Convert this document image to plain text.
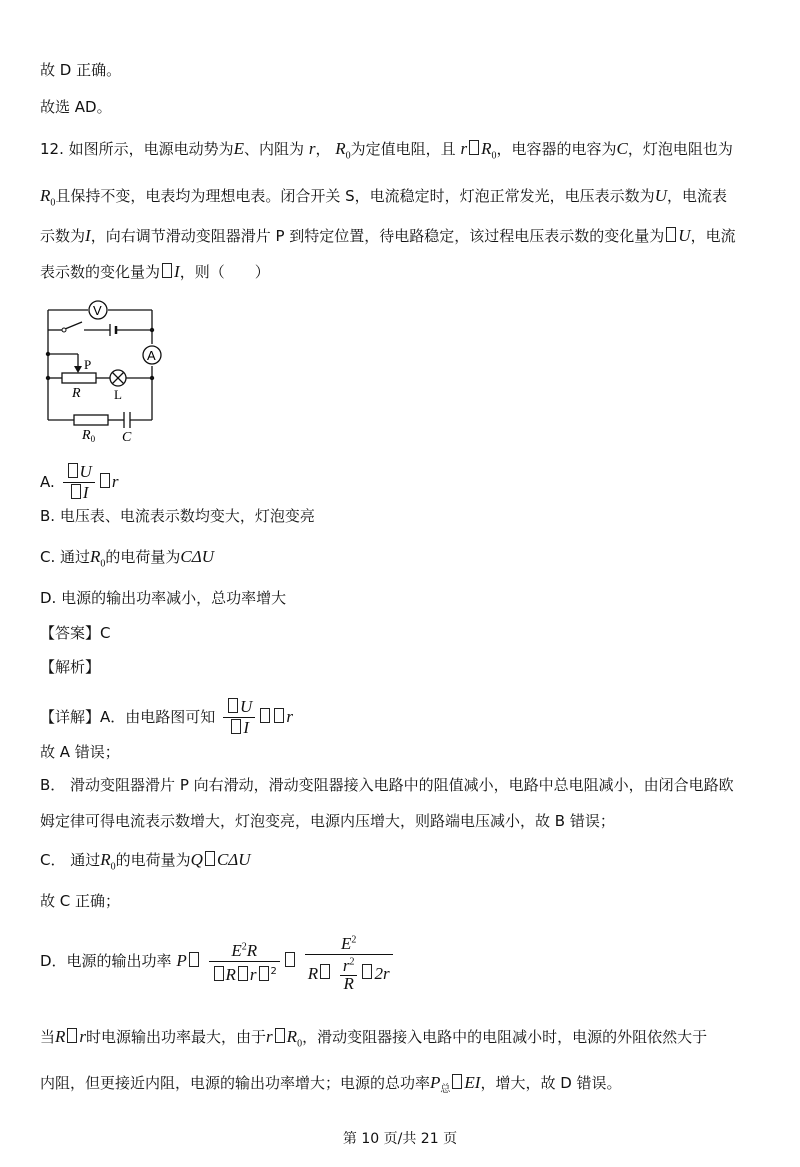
故 D 正确。
故选 AD。
12. 如图所示，电源电动势为E、内阻为 r， $R_0$为定值电阻，且 r $R_0$，电容器的电容为C，灯泡电阻也为
$R_0$且保持不变，电表均为理想电表。闭合开关 S，电流稳定时，灯泡正常发光，电压表示数为U，电流表
示数为I，向右调节滑动变阻器滑片 P 到特定位置，待电路稳定，该过程电压表示数的变化量为 U，电流
表示数的变化量为 I，则（　　）
V
A
P
R	L
$R_0$ C
A. $\frac{U}{I}$ r
B. 电压表、电流表示数均变大，灯泡变亮
C. 通过$R_0$的电荷量为CΔU
D. 电源的输出功率减小，总功率增大
【答案】C
【解析】
【详解】A．由电路图可知 $\frac{U}{I}$ r
故 A 错误；
B． 滑动变阻器滑片 P 向右滑动，滑动变阻器接入电路中的阻值减小，电路中总电阻减小，由闭合电路欧
姆定律可得电流表示数增大，灯泡变亮，电源内压增大，则路端电压减小，故 B 错误；
C． 通过$R_0$的电荷量为Q CΔU
故 C 正确；
D．电源的输出功率 P $\frac{E^2R}{R r ^2}$
$\frac{E^2}{R \frac{r^2}{R} 2r}$
当R r时电源输出功率最大，由于r $R_0$，滑动变阻器接入电路中的电阻减小时，电源的外阻依然大于
内阻，但更接近内阻，电源的输出功率增大；电源的总功率$P_总$ EI，增大，故 D 错误。
第 10 页/共 21 页
